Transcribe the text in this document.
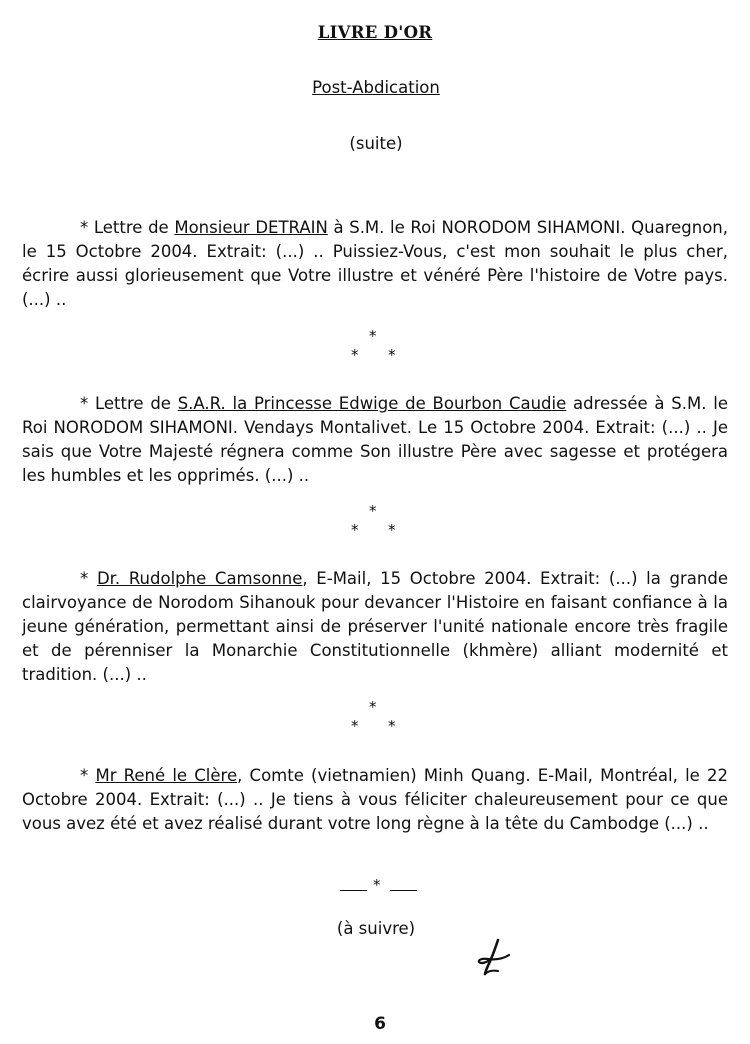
LIVRE D'OR
Post-Abdication
(suite)
* Lettre de Monsieur DETRAIN à S.M. le Roi NORODOM SIHAMONI. Quaregnon, le 15 Octobre 2004. Extrait: (...) .. Puissiez-Vous, c'est mon souhait le plus cher, écrire aussi glorieusement que Votre illustre et vénéré Père l'histoire de Votre pays. (...) ..
*
* *
* Lettre de S.A.R. la Princesse Edwige de Bourbon Caudie adressée à S.M. le Roi NORODOM SIHAMONI. Vendays Montalivet. Le 15 Octobre 2004. Extrait: (...) .. Je sais que Votre Majesté régnera comme Son illustre Père avec sagesse et protégera les humbles et les opprimés. (...) ..
*
* *
* Dr. Rudolphe Camsonne, E-Mail, 15 Octobre 2004. Extrait: (...) la grande clairvoyance de Norodom Sihanouk pour devancer l'Histoire en faisant confiance à la jeune génération, permettant ainsi de préserver l'unité nationale encore très fragile et de pérenniser la Monarchie Constitutionnelle (khmère) alliant modernité et tradition. (...) ..
*
* *
* Mr René le Clère, Comte (vietnamien) Minh Quang. E-Mail, Montréal, le 22 Octobre 2004. Extrait: (...) .. Je tiens à vous féliciter chaleureusement pour ce que vous avez été et avez réalisé durant votre long règne à la tête du Cambodge (...) ..
*
(à suivre)
6
